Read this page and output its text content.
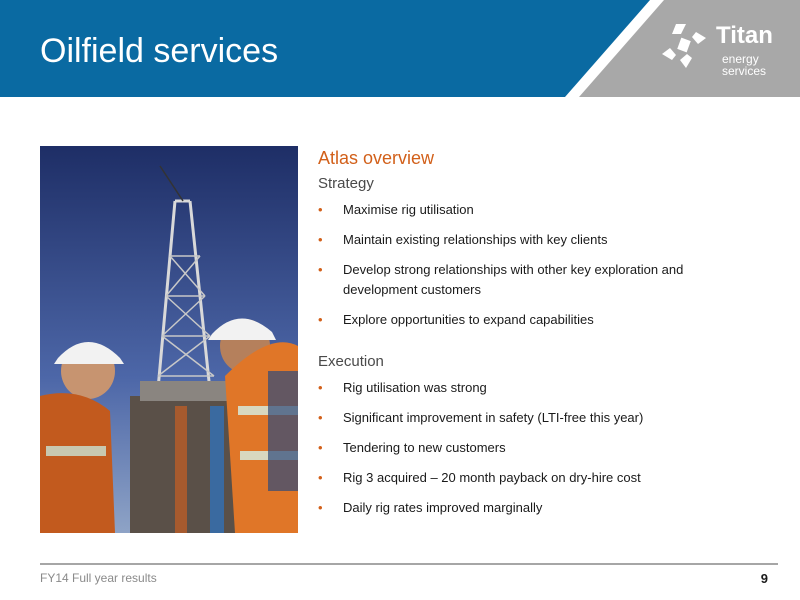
Oilfield services	Titan
energy
services
Atlas overview
Strategy
• Maximise rig utilisation
• Maintain existing relationships with key clients
• Develop strong relationships with other key exploration and development customers
• Explore opportunities to expand capabilities
Execution
• Rig utilisation was strong
• Significant improvement in safety (LTI-free this year)
• Tendering to new customers
• Rig 3 acquired – 20 month payback on dry-hire cost
• Daily rig rates improved marginally
FY14 Full year results	9
